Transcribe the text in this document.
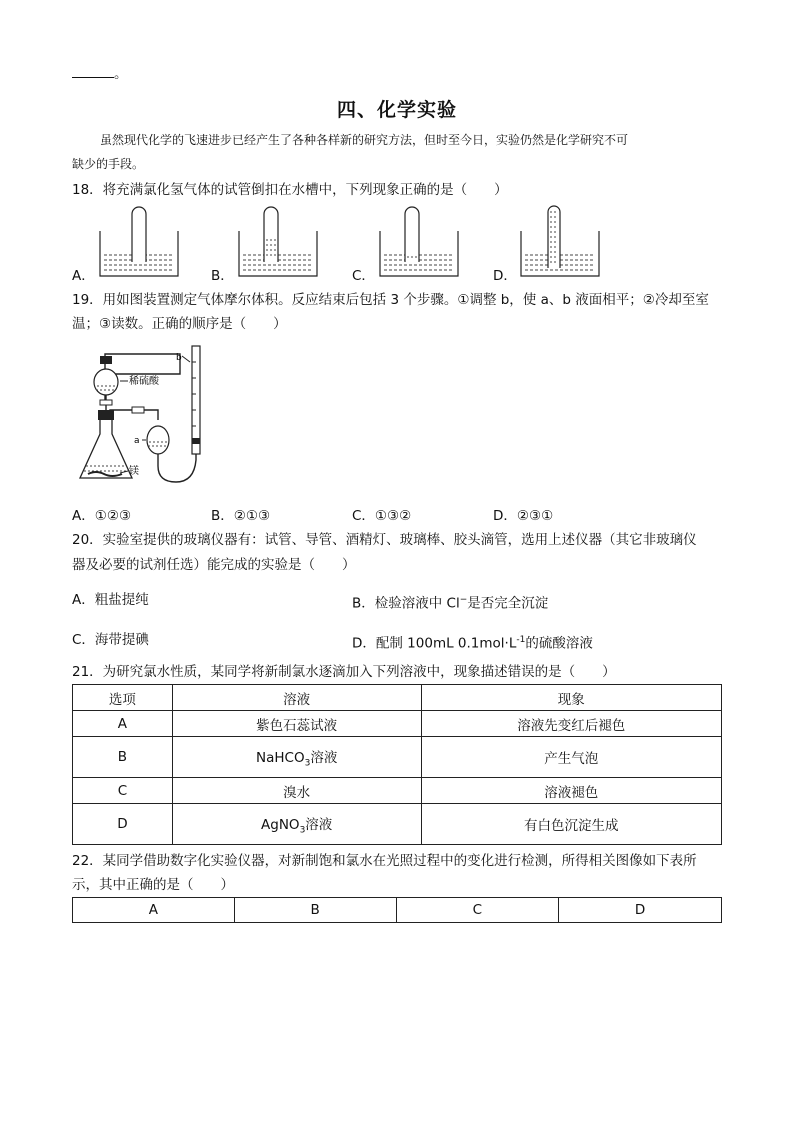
。
四、化学实验
虽然现代化学的飞速进步已经产生了各种各样新的研究方法，但时至今日，实验仍然是化学研究不可
缺少的手段。
18．将充满氯化氢气体的试管倒扣在水槽中，下列现象正确的是（　　）
A．	B．	C．	D．
19．用如图装置测定气体摩尔体积。反应结束后包括 3 个步骤。①调整 b，使 a、b 液面相平；②冷却至室
温；③读数。正确的顺序是（　　）
稀硫酸
镁
a
b
A．①②③	B．②①③	C．①③②	D．②③①
20．实验室提供的玻璃仪器有：试管、导管、酒精灯、玻璃棒、胶头滴管，选用上述仪器（其它非玻璃仪
器及必要的试剂任选）能完成的实验是（　　）
A．粗盐提纯	B．检验溶液中 Cl−是否完全沉淀
C．海带提碘	D．配制 100mL $0.1mol\cdot L^{-1}$的硫酸溶液
21．为研究氯水性质，某同学将新制氯水逐滴加入下列溶液中，现象描述错误的是（　　）
选项	溶液	现象
A	紫色石蕊试液	溶液先变红后褪色
B	NaHCO$_3$溶液	产生气泡
C	溴水	溶液褪色
D	AgNO$_3$溶液	有白色沉淀生成
22．某同学借助数字化实验仪器，对新制饱和氯水在光照过程中的变化进行检测，所得相关图像如下表所
示，其中正确的是（　　）
A	B	C	D
